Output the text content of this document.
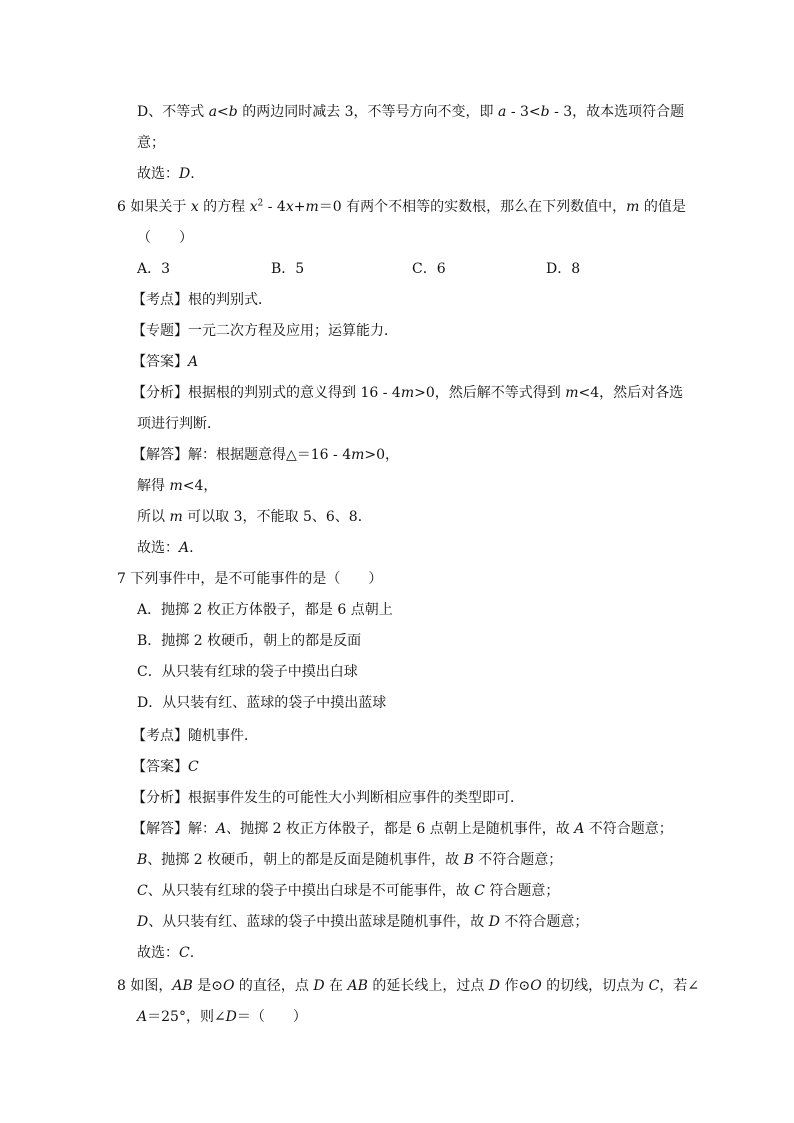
D、不等式 a<b 的两边同时减去 3，不等号方向不变，即 a - 3<b - 3，故本选项符合题
意；
故选：D.
6 如果关于 x 的方程 $x^2 - 4x+m=0$ 有两个不相等的实数根，那么在下列数值中，m 的值是
（　　）
A．3	B．5	C．6	D．8
【考点】根的判别式．
【专题】一元二次方程及应用；运算能力．
【答案】A
【分析】根据根的判别式的意义得到 16 - 4m>0，然后解不等式得到 m<4，然后对各选
项进行判断．
【解答】解：根据题意得△＝16 - 4m>0，
解得 m<4，
所以 m 可以取 3，不能取 5、6、8．
故选：A.
7 下列事件中，是不可能事件的是（　　）
A．抛掷 2 枚正方体骰子，都是 6 点朝上
B．抛掷 2 枚硬币，朝上的都是反面
C．从只装有红球的袋子中摸出白球
D．从只装有红、蓝球的袋子中摸出蓝球
【考点】随机事件．
【答案】C
【分析】根据事件发生的可能性大小判断相应事件的类型即可．
【解答】解：A、抛掷 2 枚正方体骰子，都是 6 点朝上是随机事件，故 A 不符合题意；
B、抛掷 2 枚硬币，朝上的都是反面是随机事件，故 B 不符合题意；
C、从只装有红球的袋子中摸出白球是不可能事件，故 C 符合题意；
D、从只装有红、蓝球的袋子中摸出蓝球是随机事件，故 D 不符合题意；
故选：C.
8 如图，AB 是⊙O 的直径，点 D 在 AB 的延长线上，过点 D 作⊙O 的切线，切点为 C，若∠
A＝25°，则∠D＝（　　）
